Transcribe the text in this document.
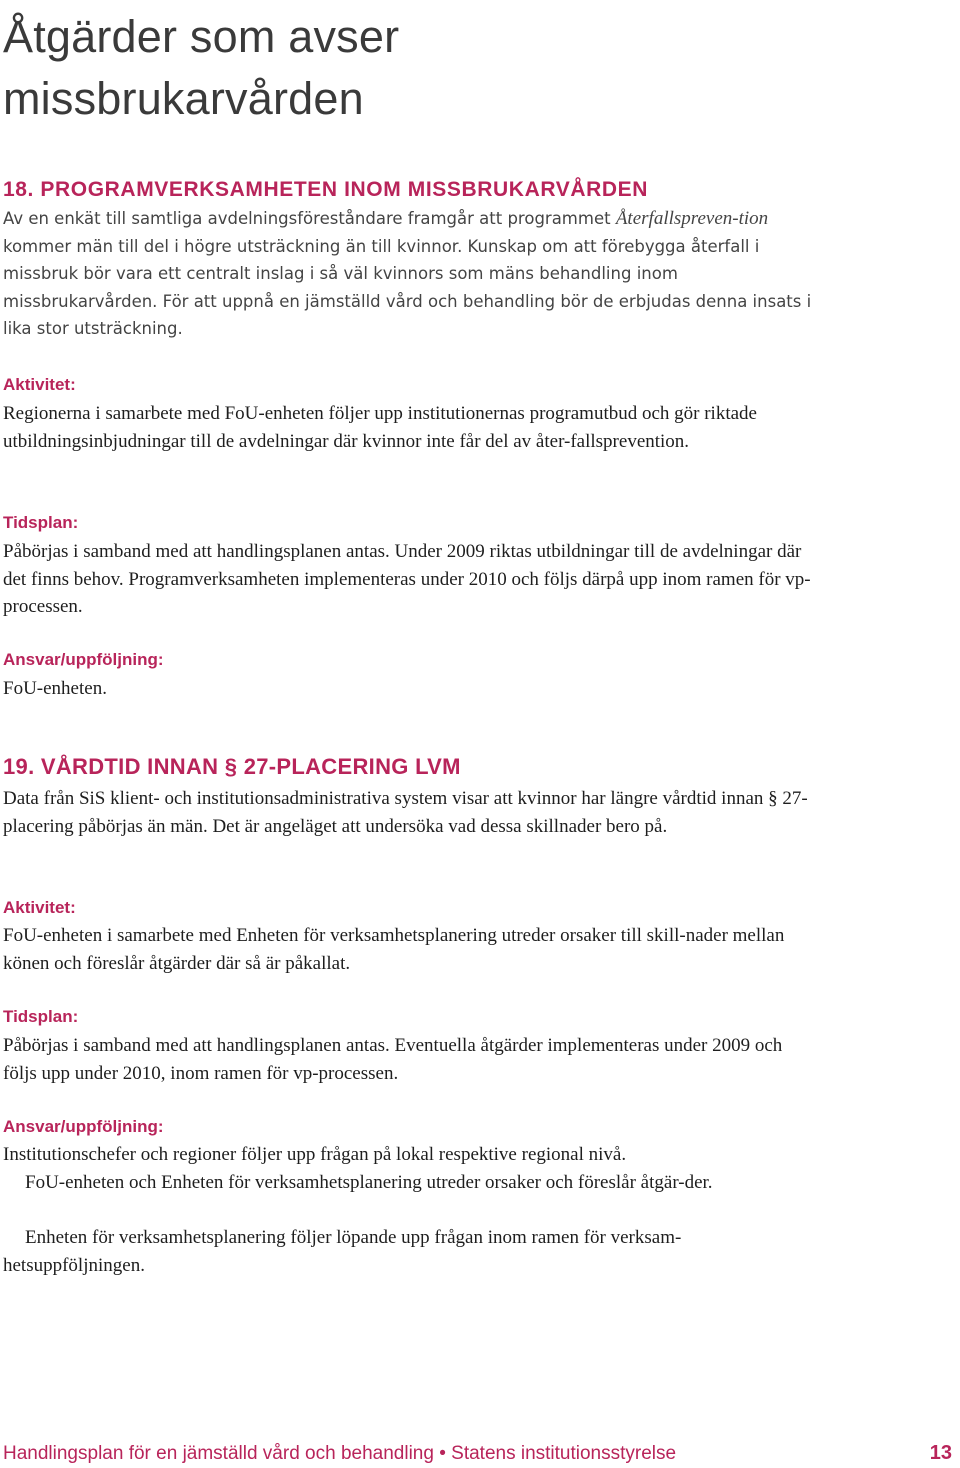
Åtgärder som avser
missbrukarvården
18. PROGRAMVERKSAMHETEN INOM MISSBRUKARVÅRDEN

Av en enkät till samtliga avdelningsföreståndare framgår att programmet Återfallspreven-tion kommer män till del i högre utsträckning än till kvinnor. Kunskap om att förebygga återfall i missbruk bör vara ett centralt inslag i så väl kvinnors som mäns behandling inom missbrukarvården. För att uppnå en jämställd vård och behandling bör de erbjudas denna insats i lika stor utsträckning.

Aktivitet:

Regionerna i samarbete med FoU-enheten följer upp institutionernas programutbud och gör riktade utbildningsinbjudningar till de avdelningar där kvinnor inte får del av åter-fallsprevention.

Tidsplan:

Påbörjas i samband med att handlingsplanen antas. Under 2009 riktas utbildningar till de avdelningar där det finns behov. Programverksamheten implementeras under 2010 och följs därpå upp inom ramen för vp-processen.

Ansvar/uppföljning:

FoU-enheten.

19. VÅRDTID INNAN § 27-PLACERING LVM

Data från SiS klient- och institutionsadministrativa system visar att kvinnor har längre vårdtid innan § 27-placering påbörjas än män. Det är angeläget att undersöka vad dessa skillnader bero på.

Aktivitet:

FoU-enheten i samarbete med Enheten för verksamhetsplanering utreder orsaker till skill-nader mellan könen och föreslår åtgärder där så är påkallat.

Tidsplan:

Påbörjas i samband med att handlingsplanen antas. Eventuella åtgärder implementeras under 2009 och följs upp under 2010, inom ramen för vp-processen.

Ansvar/uppföljning:

Institutionschefer och regioner följer upp frågan på lokal respektive regional nivå.

FoU-enheten och Enheten för verksamhetsplanering utreder orsaker och föreslår åtgär-der.

Enheten för verksamhetsplanering följer löpande upp frågan inom ramen för verksam-hetsuppföljningen.

Handlingsplan för en jämställd vård och behandling • Statens institutionsstyrelse	13
